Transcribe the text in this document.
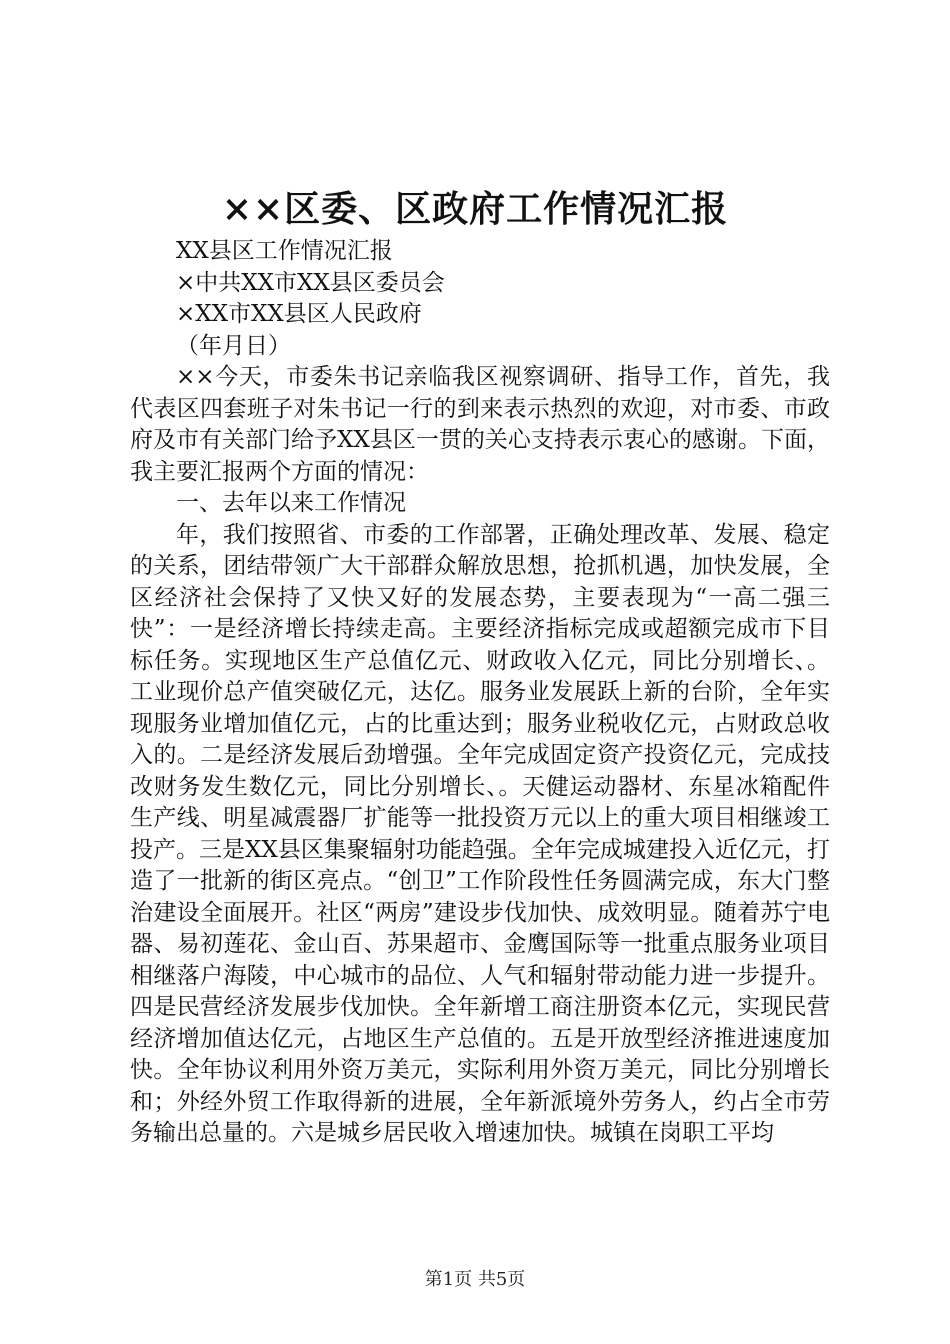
××区委、区政府工作情况汇报

XX县区工作情况汇报

×中共XX市XX县区委员会

×XX市XX县区人民政府

（年月日）

××今天，市委朱书记亲临我区视察调研、指导工作，首先，我代表区四套班子对朱书记一行的到来表示热烈的欢迎，对市委、市政府及市有关部门给予XX县区一贯的关心支持表示衷心的感谢。下面，我主要汇报两个方面的情况：

一、去年以来工作情况

年，我们按照省、市委的工作部署，正确处理改革、发展、稳定的关系，团结带领广大干部群众解放思想，抢抓机遇，加快发展，全区经济社会保持了又快又好的发展态势，主要表现为“一高二强三快”：一是经济增长持续走高。主要经济指标完成或超额完成市下目标任务。实现地区生产总值亿元、财政收入亿元，同比分别增长、。工业现价总产值突破亿元，达亿。服务业发展跃上新的台阶，全年实现服务业增加值亿元，占的比重达到；服务业税收亿元，占财政总收入的。二是经济发展后劲增强。全年完成固定资产投资亿元，完成技改财务发生数亿元，同比分别增长、。天健运动器材、东星冰箱配件生产线、明星减震器厂扩能等一批投资万元以上的重大项目相继竣工投产。三是XX县区集聚辐射功能趋强。全年完成城建投入近亿元，打造了一批新的街区亮点。“创卫”工作阶段性任务圆满完成，东大门整治建设全面展开。社区“两房”建设步伐加快、成效明显。随着苏宁电器、易初莲花、金山百、苏果超市、金鹰国际等一批重点服务业项目相继落户海陵，中心城市的品位、人气和辐射带动能力进一步提升。四是民营经济发展步伐加快。全年新增工商注册资本亿元，实现民营经济增加值达亿元，占地区生产总值的。五是开放型经济推进速度加快。全年协议利用外资万美元，实际利用外资万美元，同比分别增长和；外经外贸工作取得新的进展，全年新派境外劳务人，约占全市劳务输出总量的。六是城乡居民收入增速加快。城镇在岗职工平均

第1页 共5页
